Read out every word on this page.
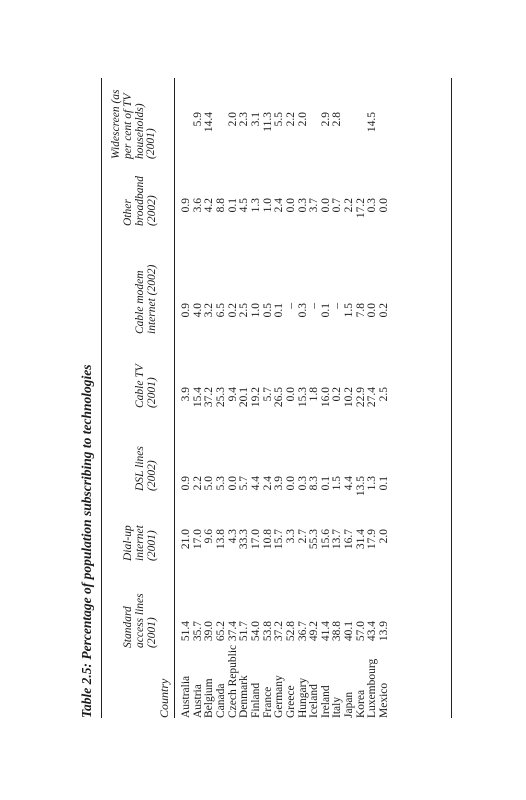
Table 2.5: Percentage of population subscribing to technologies	Country
Standard
access lines
(2001)
Dial-up
internet
(2001)
DSL lines
(2002)
Cable TV
(2001)
Cable modem
internet (2002)
Other
broadband
(2002)
Widescreen (as
per cent of TV
households)
(2001)
Australia
51.4
21.0
0.9
3.9
0.9
0.9
Austria
35.7
17.0
2.2
15.4
4.0
3.6
5.9
Belgium
39.0
9.6
5.0
37.2
3.2
4.2
14.4
Canada
65.2
13.8
5.3
25.3
6.5
8.8
Czech Republic
37.4
4.3
0.0
9.4
0.2
0.1
2.0
Denmark
51.7
33.3
5.7
20.1
2.5
4.5
2.3
Finland
54.0
17.0
4.4
19.2
1.0
1.3
3.1
France
53.8
10.8
2.4
5.7
0.5
1.0
11.3
Germany
37.2
15.7
3.9
26.5
0.1
2.4
5.5
Greece
52.8
3.3
0.0
0.0
–
0.0
2.2
Hungary
36.7
2.7
0.3
15.3
0.3
0.3
2.0
Iceland
49.2
55.3
8.3
1.8
–
3.7
Ireland
41.4
15.6
0.1
16.0
0.1
0.0
2.9
Italy
38.8
13.7
1.5
0.2
–
0.7
2.8
Japan
40.1
16.7
4.4
10.2
1.5
2.2
Korea
57.0
31.4
13.5
22.9
7.8
17.2
Luxembourg
43.4
17.9
1.3
27.4
0.0
0.3
14.5
Mexico
13.9
2.0
0.1
2.5
0.2
0.0
